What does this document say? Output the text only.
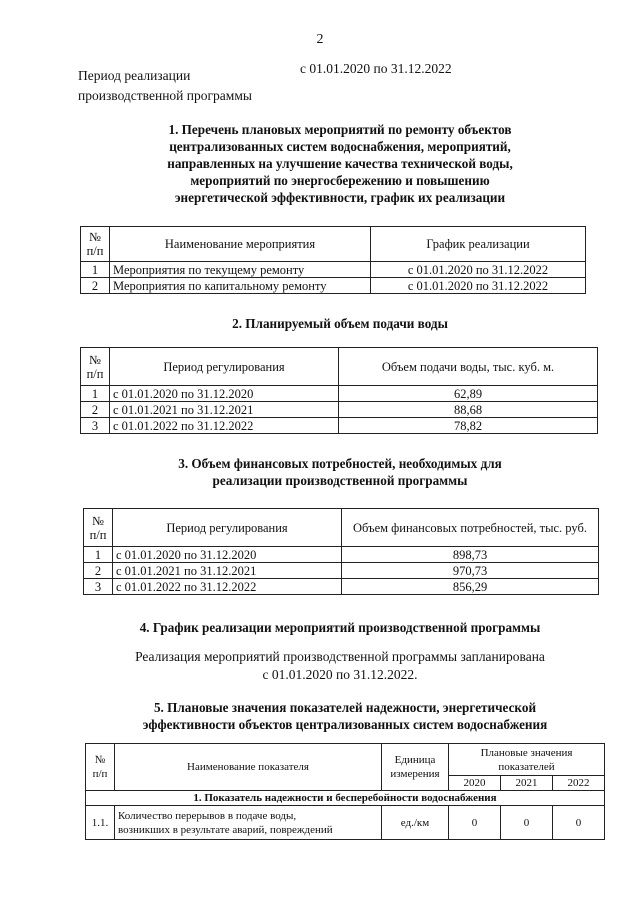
2
Период реализации
производственной программы
с 01.01.2020 по 31.12.2022
1. Перечень плановых мероприятий по ремонту объектов
централизованных систем водоснабжения, мероприятий,
направленных на улучшение качества технической воды,
мероприятий по энергосбережению и повышению
энергетической эффективности, график их реализации
№ п/п	Наименование мероприятия	График реализации
1	Мероприятия по текущему ремонту	с 01.01.2020 по 31.12.2022
2	Мероприятия по капитальному ремонту	с 01.01.2020 по 31.12.2022
2. Планируемый объем подачи воды
№ п/п	Период регулирования	Объем подачи воды, тыс. куб. м.
1	с 01.01.2020 по 31.12.2020	62,89
2	с 01.01.2021 по 31.12.2021	88,68
3	с 01.01.2022 по 31.12.2022	78,82
3. Объем финансовых потребностей, необходимых для
реализации производственной программы
№ п/п	Период регулирования	Объем финансовых потребностей, тыс. руб.
1	с 01.01.2020 по 31.12.2020	898,73
2	с 01.01.2021 по 31.12.2021	970,73
3	с 01.01.2022 по 31.12.2022	856,29
4. График реализации мероприятий производственной программы

Реализация мероприятий производственной программы запланирована

с 01.01.2020 по 31.12.2022.

5. Плановые значения показателей надежности, энергетической
эффективности объектов централизованных систем водоснабжения
№ п/п	Наименование показателя	Единица измерения	Плановые значения показателей		
			2020	2021	2022
1. Показатель надежности и бесперебойности водоснабжения					
1.1.	Количество перерывов в подаче воды,
возникших в результате аварий, повреждений	ед./км	0	0	0
